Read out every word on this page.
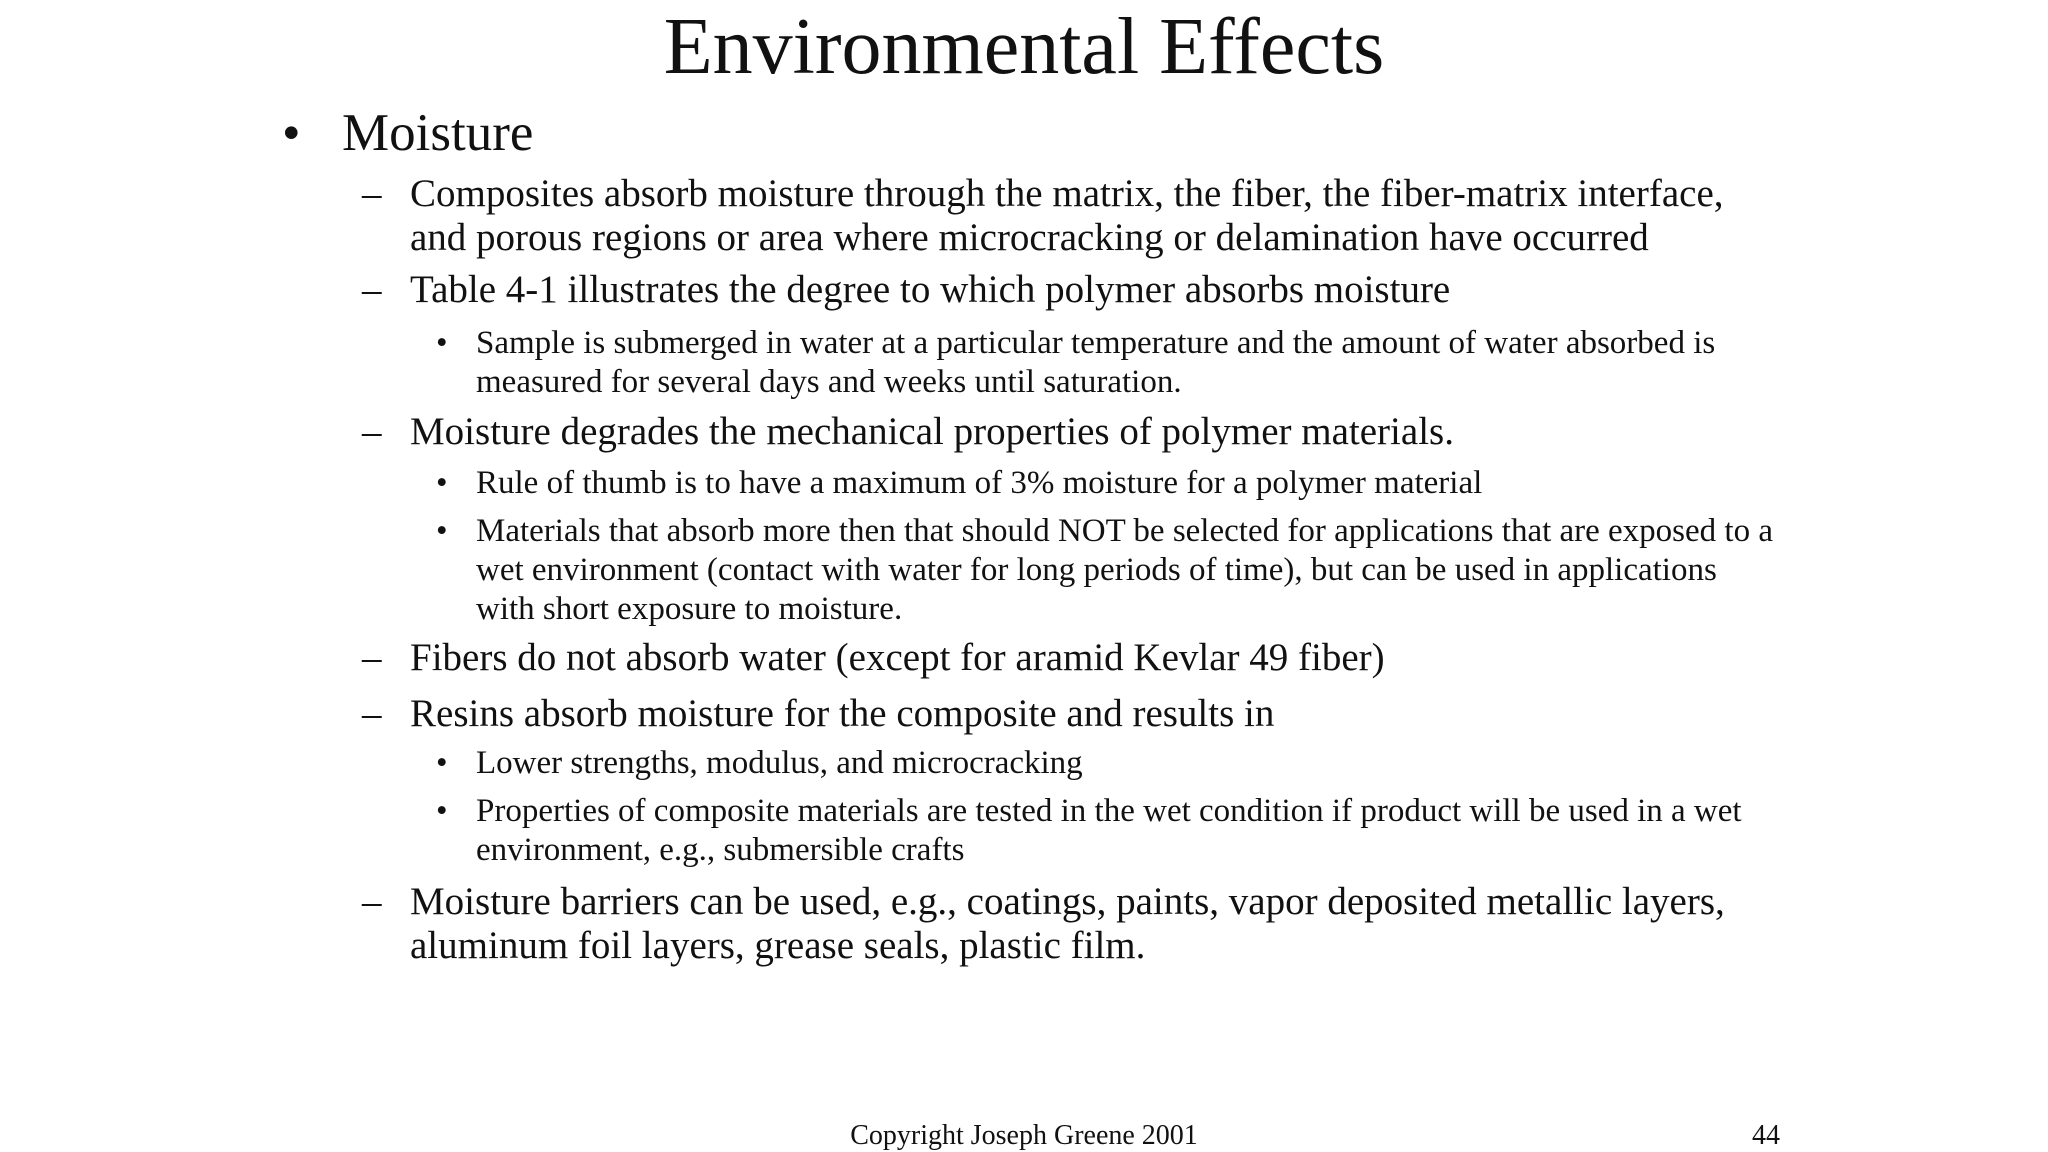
Environmental Effects
• Moisture
– Composites absorb moisture through the matrix, the fiber, the fiber-matrix interface, and porous regions or area where microcracking or delamination have occurred
– Table 4-1 illustrates the degree to which polymer absorbs moisture
• Sample is submerged in water at a particular temperature and the amount of water absorbed is measured for several days and weeks until saturation.
– Moisture degrades the mechanical properties of polymer materials.
• Rule of thumb is to have a maximum of 3% moisture for a polymer material
• Materials that absorb more then that should NOT be selected for applications that are exposed to a wet environment (contact with water for long periods of time), but can be used in applications with short exposure to moisture.
– Fibers do not absorb water (except for aramid Kevlar 49 fiber)
– Resins absorb moisture for the composite and results in
• Lower strengths, modulus, and microcracking
• Properties of composite materials are tested in the wet condition if product will be used in a wet environment, e.g., submersible crafts
– Moisture barriers can be used, e.g., coatings, paints, vapor deposited metallic layers, aluminum foil layers, grease seals, plastic film.
Copyright Joseph Greene 2001	44
